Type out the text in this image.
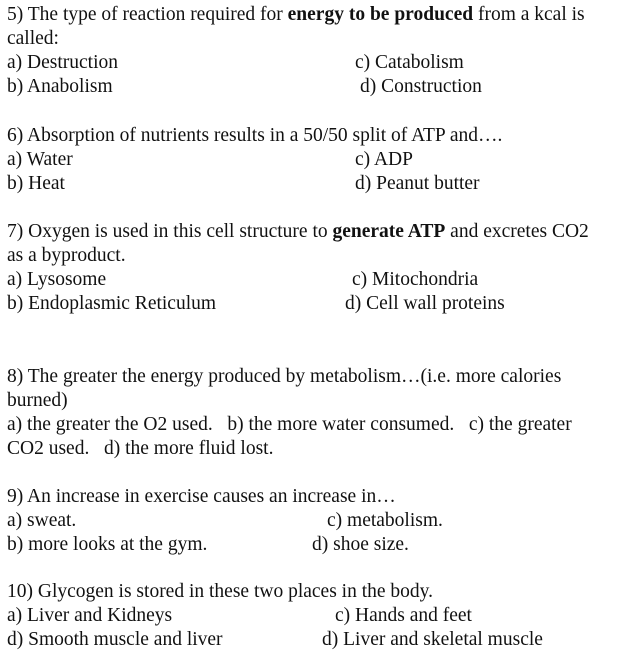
5) The type of reaction required for energy to be produced from a kcal is
called:
a) Destruction	c) Catabolism
b) Anabolism	d) Construction
6) Absorption of nutrients results in a 50/50 split of ATP and….
a) Water	c) ADP
b) Heat	d) Peanut butter
7) Oxygen is used in this cell structure to generate ATP and excretes CO2
as a byproduct.
a) Lysosome	c) Mitochondria
b) Endoplasmic Reticulum	d) Cell wall proteins
8) The greater the energy produced by metabolism…(i.e. more calories
burned)
a) the greater the O2 used.   b) the more water consumed.   c) the greater
CO2 used.   d) the more fluid lost.
9) An increase in exercise causes an increase in…
a) sweat.	c) metabolism.
b) more looks at the gym.	d) shoe size.
10) Glycogen is stored in these two places in the body.
a) Liver and Kidneys	c) Hands and feet
d) Smooth muscle and liver	d) Liver and skeletal muscle
